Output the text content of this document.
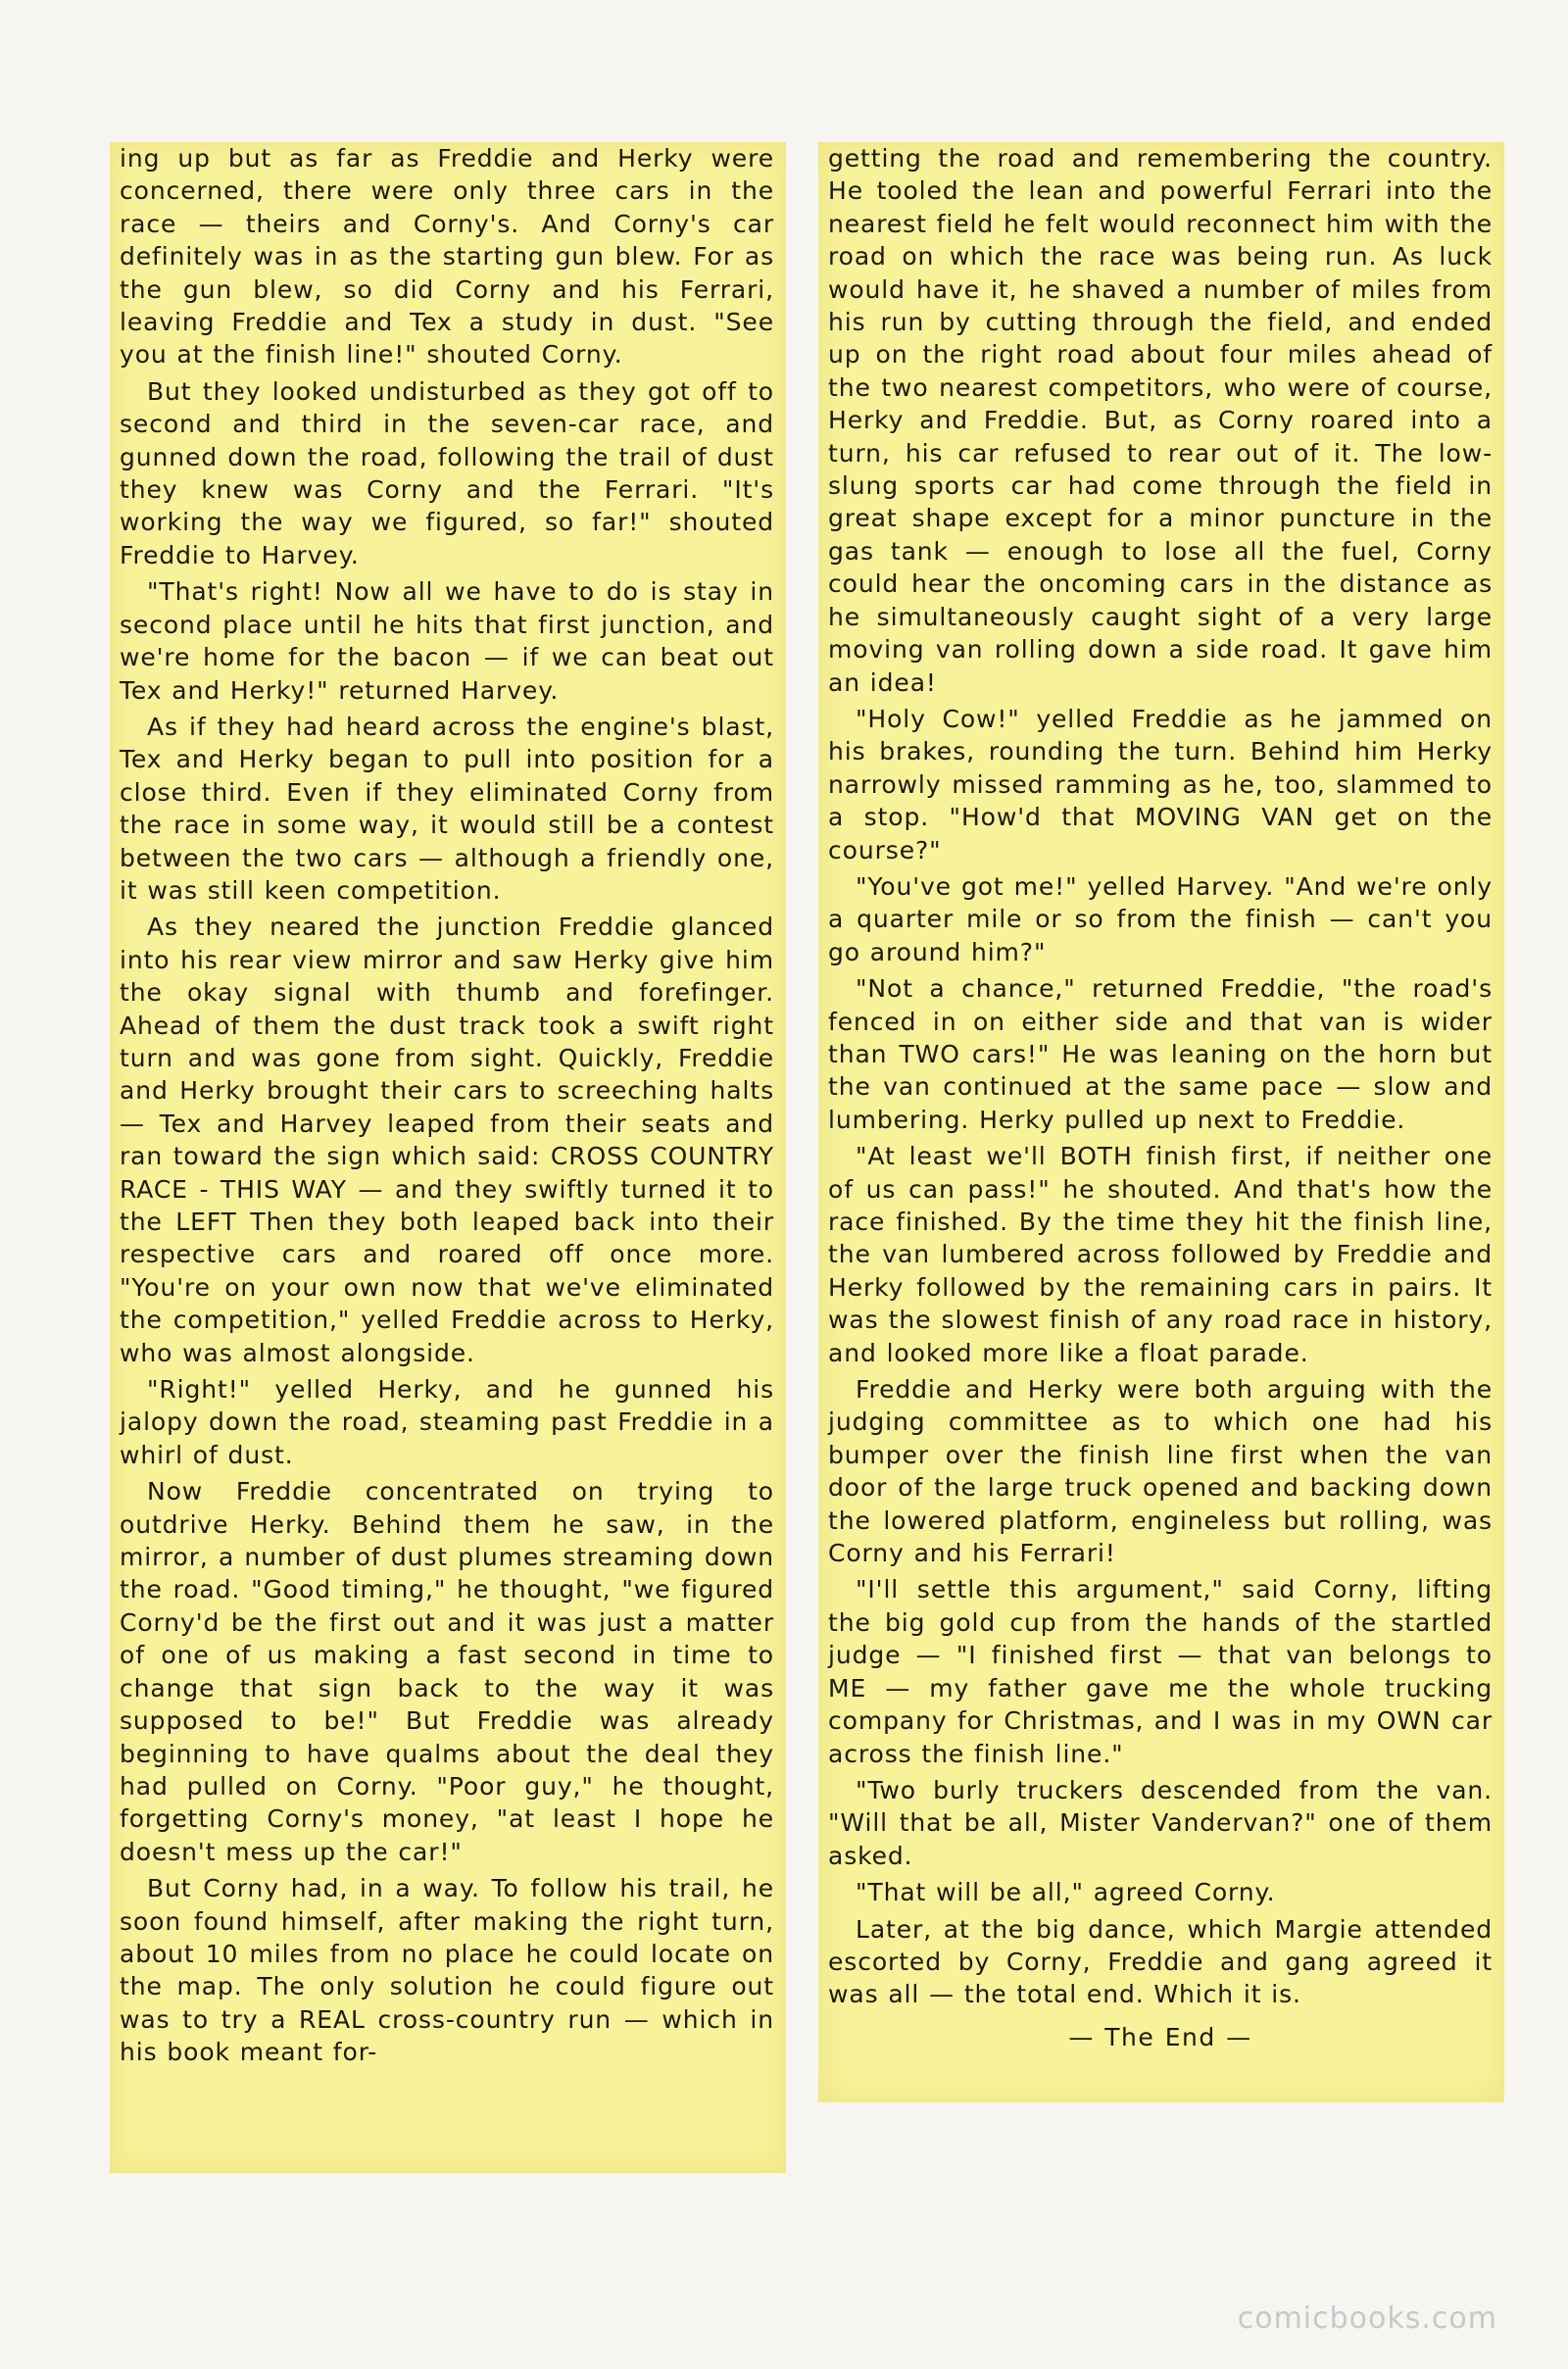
ing up but as far as Freddie and Herky were concerned, there were only three cars in the race — theirs and Corny's. And Corny's car definitely was in as the starting gun blew. For as the gun blew, so did Corny and his Ferrari, leaving Freddie and Tex a study in dust. "See you at the finish line!" shouted Corny.

But they looked undisturbed as they got off to second and third in the seven-car race, and gunned down the road, following the trail of dust they knew was Corny and the Ferrari. "It's working the way we figured, so far!" shouted Freddie to Harvey.

"That's right! Now all we have to do is stay in second place until he hits that first junction, and we're home for the bacon — if we can beat out Tex and Herky!" returned Harvey.

As if they had heard across the engine's blast, Tex and Herky began to pull into position for a close third. Even if they eliminated Corny from the race in some way, it would still be a contest between the two cars — although a friendly one, it was still keen competition.

As they neared the junction Freddie glanced into his rear view mirror and saw Herky give him the okay signal with thumb and forefinger. Ahead of them the dust track took a swift right turn and was gone from sight. Quickly, Freddie and Herky brought their cars to screeching halts — Tex and Harvey leaped from their seats and ran toward the sign which said: CROSS COUNTRY RACE - THIS WAY — and they swiftly turned it to the LEFT Then they both leaped back into their respective cars and roared off once more. "You're on your own now that we've eliminated the competition," yelled Freddie across to Herky, who was almost alongside.

"Right!" yelled Herky, and he gunned his jalopy down the road, steaming past Freddie in a whirl of dust.

Now Freddie concentrated on trying to outdrive Herky. Behind them he saw, in the mirror, a number of dust plumes streaming down the road. "Good timing," he thought, "we figured Corny'd be the first out and it was just a matter of one of us making a fast second in time to change that sign back to the way it was supposed to be!" But Freddie was already beginning to have qualms about the deal they had pulled on Corny. "Poor guy," he thought, forgetting Corny's money, "at least I hope he doesn't mess up the car!"

But Corny had, in a way. To follow his trail, he soon found himself, after making the right turn, about 10 miles from no place he could locate on the map. The only solution he could figure out was to try a REAL cross-country run — which in his book meant for-

getting the road and remembering the country. He tooled the lean and powerful Ferrari into the nearest field he felt would reconnect him with the road on which the race was being run. As luck would have it, he shaved a number of miles from his run by cutting through the field, and ended up on the right road about four miles ahead of the two nearest competitors, who were of course, Herky and Freddie. But, as Corny roared into a turn, his car refused to rear out of it. The low-slung sports car had come through the field in great shape except for a minor puncture in the gas tank — enough to lose all the fuel, Corny could hear the oncoming cars in the distance as he simultaneously caught sight of a very large moving van rolling down a side road. It gave him an idea!

"Holy Cow!" yelled Freddie as he jammed on his brakes, rounding the turn. Behind him Herky narrowly missed ramming as he, too, slammed to a stop. "How'd that MOVING VAN get on the course?"

"You've got me!" yelled Harvey. "And we're only a quarter mile or so from the finish — can't you go around him?"

"Not a chance," returned Freddie, "the road's fenced in on either side and that van is wider than TWO cars!" He was leaning on the horn but the van continued at the same pace — slow and lumbering. Herky pulled up next to Freddie.

"At least we'll BOTH finish first, if neither one of us can pass!" he shouted. And that's how the race finished. By the time they hit the finish line, the van lumbered across followed by Freddie and Herky followed by the remaining cars in pairs. It was the slowest finish of any road race in history, and looked more like a float parade.

Freddie and Herky were both arguing with the judging committee as to which one had his bumper over the finish line first when the van door of the large truck opened and backing down the lowered platform, engineless but rolling, was Corny and his Ferrari!

"I'll settle this argument," said Corny, lifting the big gold cup from the hands of the startled judge — "I finished first — that van belongs to ME — my father gave me the whole trucking company for Christmas, and I was in my OWN car across the finish line."

"Two burly truckers descended from the van. "Will that be all, Mister Vandervan?" one of them asked.

"That will be all," agreed Corny.

Later, at the big dance, which Margie attended escorted by Corny, Freddie and gang agreed it was all — the total end. Which it is.

— The End —

comicbooks.com
